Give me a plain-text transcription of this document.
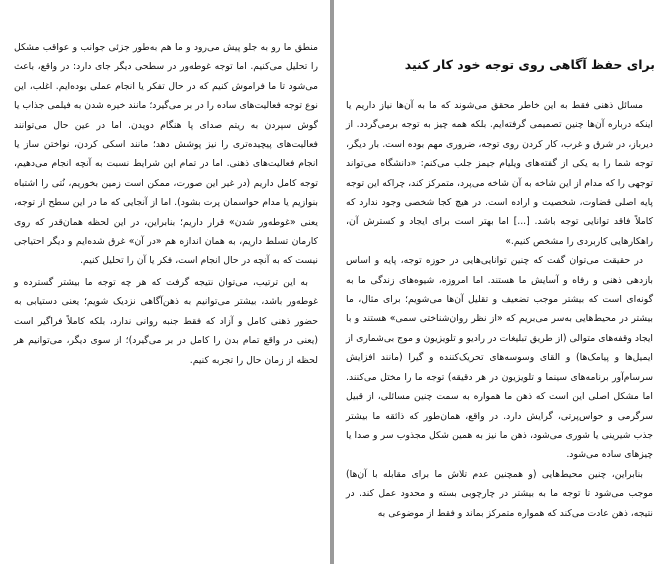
منطق ما رو به جلو پیش می‌رود و ما هم به‌طور جزئی جوانب و عواقب مشکل را تحلیل می‌کنیم. اما توجه غوطه‌ور در سطحی دیگر جای دارد: در واقع، باعث می‌شود تا ما فراموش کنیم که در حال تفکر یا انجام عملی بوده‌ایم. اغلب، این نوع توجه فعالیت‌های ساده را در بر می‌گیرد؛ مانند خیره شدن به فیلمی جذاب یا گوش سپردن به ریتم صدای پا هنگام دویدن. اما در عین حال می‌توانند فعالیت‌های پیچیده‌تری را نیز پوشش دهد؛ مانند اسکی کردن، نواختن ساز یا انجام فعالیت‌های ذهنی. اما در تمام این شرایط نسبت به آنچه انجام می‌دهیم، توجه کامل داریم (در غیر این صورت، ممکن است زمین بخوریم، نُتی را اشتباه بنوازیم یا مدام حواسمان پرت بشود). اما از آنجایی که ما در این سطح از توجه، یعنی «غوطه‌ور شدن» قرار داریم؛ بنابراین، در این لحظه همان‌قدر که روی کارمان تسلط داریم، به همان اندازه هم «در آن» غرق شده‌ایم و دیگر احتیاجی نیست که به آنچه در حال انجام است، فکر یا آن را تحلیل کنیم.

به این ترتیب، می‌توان نتیجه گرفت که هر چه توجه ما بیشتر گسترده و غوطه‌ور باشد، بیشتر می‌توانیم به ذهن‌آگاهی نزدیک شویم؛ یعنی دستیابی به حضور ذهنی کامل و آزاد که فقط جنبه روانی ندارد، بلکه کاملاً فراگیر است (یعنی در واقع تمام بدن را کامل در بر می‌گیرد)؛ از سوی دیگر، می‌توانیم هر لحظه از زمان حال را تجربه کنیم.

برای حفظ آگاهی روی توجه خود کار کنید

مسائل ذهنی فقط به این خاطر محقق می‌شوند که ما به آن‌ها نیاز داریم یا اینکه درباره آن‌ها چنین تصمیمی گرفته‌ایم. بلکه همه چیز به توجه برمی‌گردد. از دیرباز، در شرق و غرب، کار کردن روی توجه، ضروری مهم بوده است. بار دیگر، توجه شما را به یکی از گفته‌های ویلیام جیمز جلب می‌کنم: «دانشگاه می‌تواند توجهی را که مدام از این شاخه به آن شاخه می‌پرد، متمرکز کند، چراکه این توجه پایه اصلی قضاوت، شخصیت و اراده است. در هیچ کجا شخصی وجود ندارد که کاملاً فاقد توانایی توجه باشد. [...] اما بهتر است برای ایجاد و کسترش آن، راهکارهایی کاربردی را مشخص کنیم.»

در حقیقت می‌توان گفت که چنین توانایی‌هایی در حوزه توجه، پایه و اساس بازدهی ذهنی و رفاه و آسایش ما هستند. اما امروزه، شیوه‌های زندگی ما به گونه‌ای است که بیشتر موجب تضعیف و تقلیل آن‌ها می‌شویم؛ برای مثال، ما بیشتر در محیط‌هایی به‌سر می‌بریم که «از نظر روان‌شناختی سمی» هستند و با ایجاد وقفه‌های متوالی (از طریق تبلیغات در رادیو و تلویزیون و موج بی‌شماری از ایمیل‌ها و پیامک‌ها) و القای وسوسه‌های تحریک‌کننده و گیرا (مانند افزایش سرسام‌آور برنامه‌های سینما و تلویزیون در هر دقیقه) توجه ما را مختل می‌کنند. اما مشکل اصلی این است که ذهن ما همواره به سمت چنین مسائلی، از قبیل سرگرمی و حواس‌پرتی، گرایش دارد. در واقع، همان‌طور که ذائقه ما بیشتر جذب شیرینی یا شوری می‌شود، ذهن ما نیز به همین شکل مجذوب سر و صدا یا چیزهای ساده می‌شود.

بنابراین، چنین محیط‌هایی (و همچنین عدم تلاش ما برای مقابله با آن‌ها) موجب می‌شود تا توجه ما به بیشتر در چارچوبی بسته و محدود عمل کند. در نتیجه، ذهن عادت می‌کند که همواره متمرکز بماند و فقط از موضوعی به
